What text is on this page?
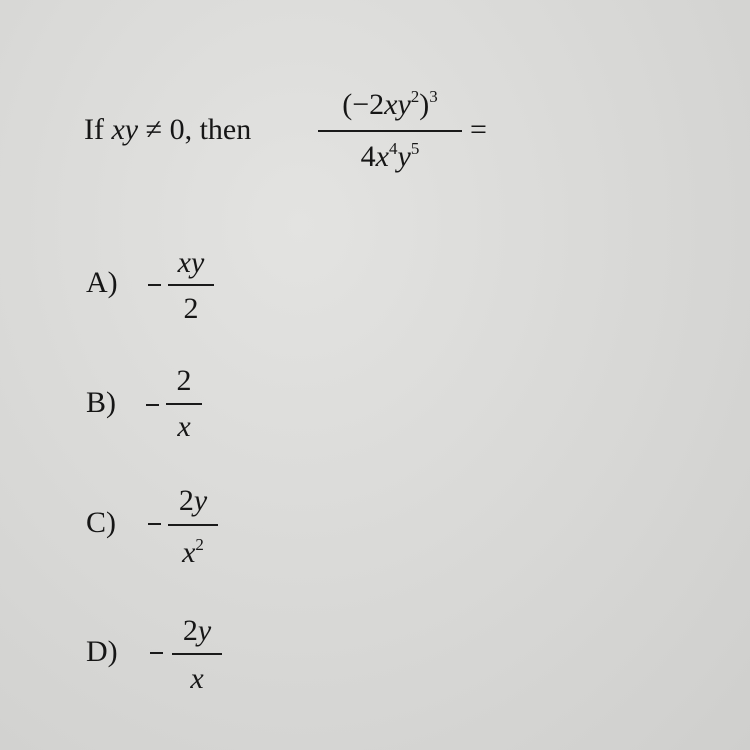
If xy ≠ 0, then
$(-2xy^2)^3$
$4x^4y^5$
=
A)
xy
2
B)
2
x
C)
2y
$x^2$
D)
2y
x
